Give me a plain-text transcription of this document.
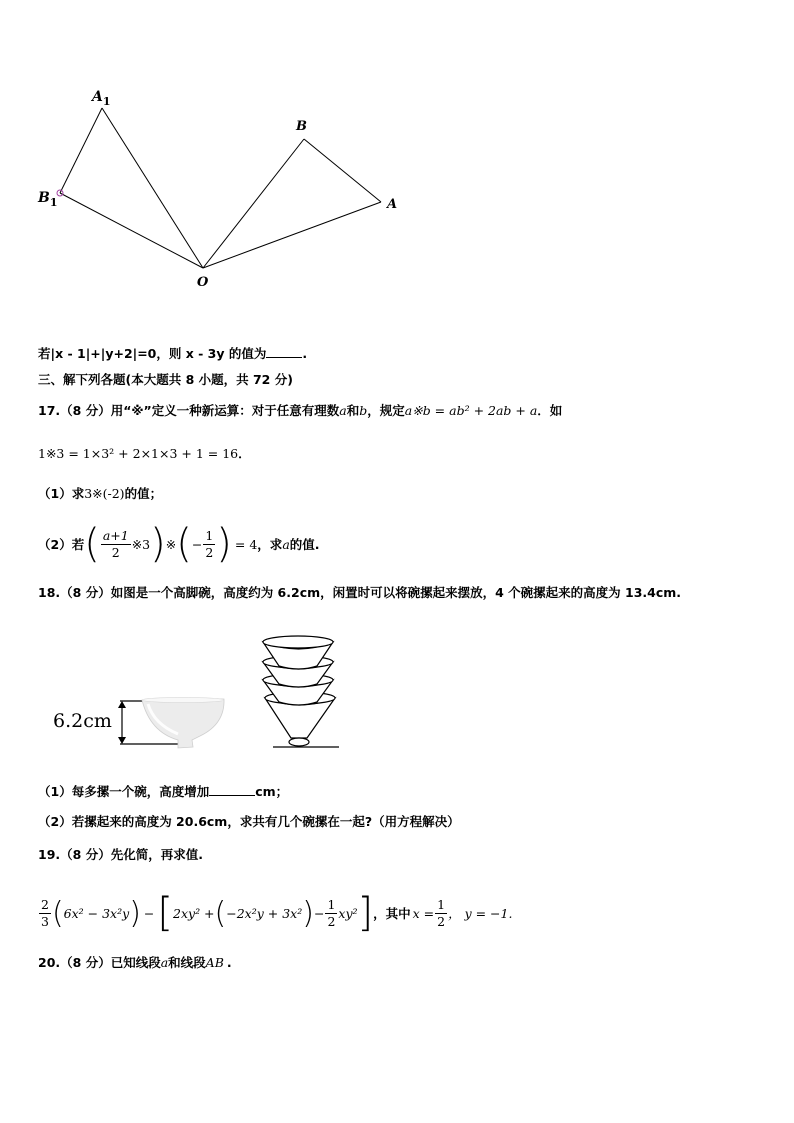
$A_1$
B
$B_1$	A
O
若|x - 1|+|y+2|=0，则 x - 3y 的值为	.
三、解下列各题(本大题共 8 小题，共 72 分)
17.（8 分）用“※”定义一种新运算：对于任意有理数a和b，规定a※b = ab² + 2ab + a．如
1※3 = 1×3² + 2×1×3 + 1 = 16．
（1）求3※(-2)的值；
（2）若 ( $\frac{a+1}{2}$ ※3 ) ※ ( − $\frac{1}{2}$ ) = 4 ，求 a 的值.
18.（8 分）如图是一个高脚碗，高度约为 6.2cm，闲置时可以将碗摞起来摆放，4 个碗摞起来的高度为 13.4cm.
6.2cm
（1）每多摞一个碗，高度增加	cm；
（2）若摞起来的高度为 20.6cm，求共有几个碗摞在一起?（用方程解决）
19.（8 分）先化简，再求值.
$\frac{2}{3}$ ( 6x² − 3x²y ) − [ 2xy² + ( −2x²y + 3x² ) − $\frac{1}{2} xy^2$ ] ，其中 $x = \frac{1}{2}$ ， y = −1.
20.（8 分）已知线段a和线段AB .
